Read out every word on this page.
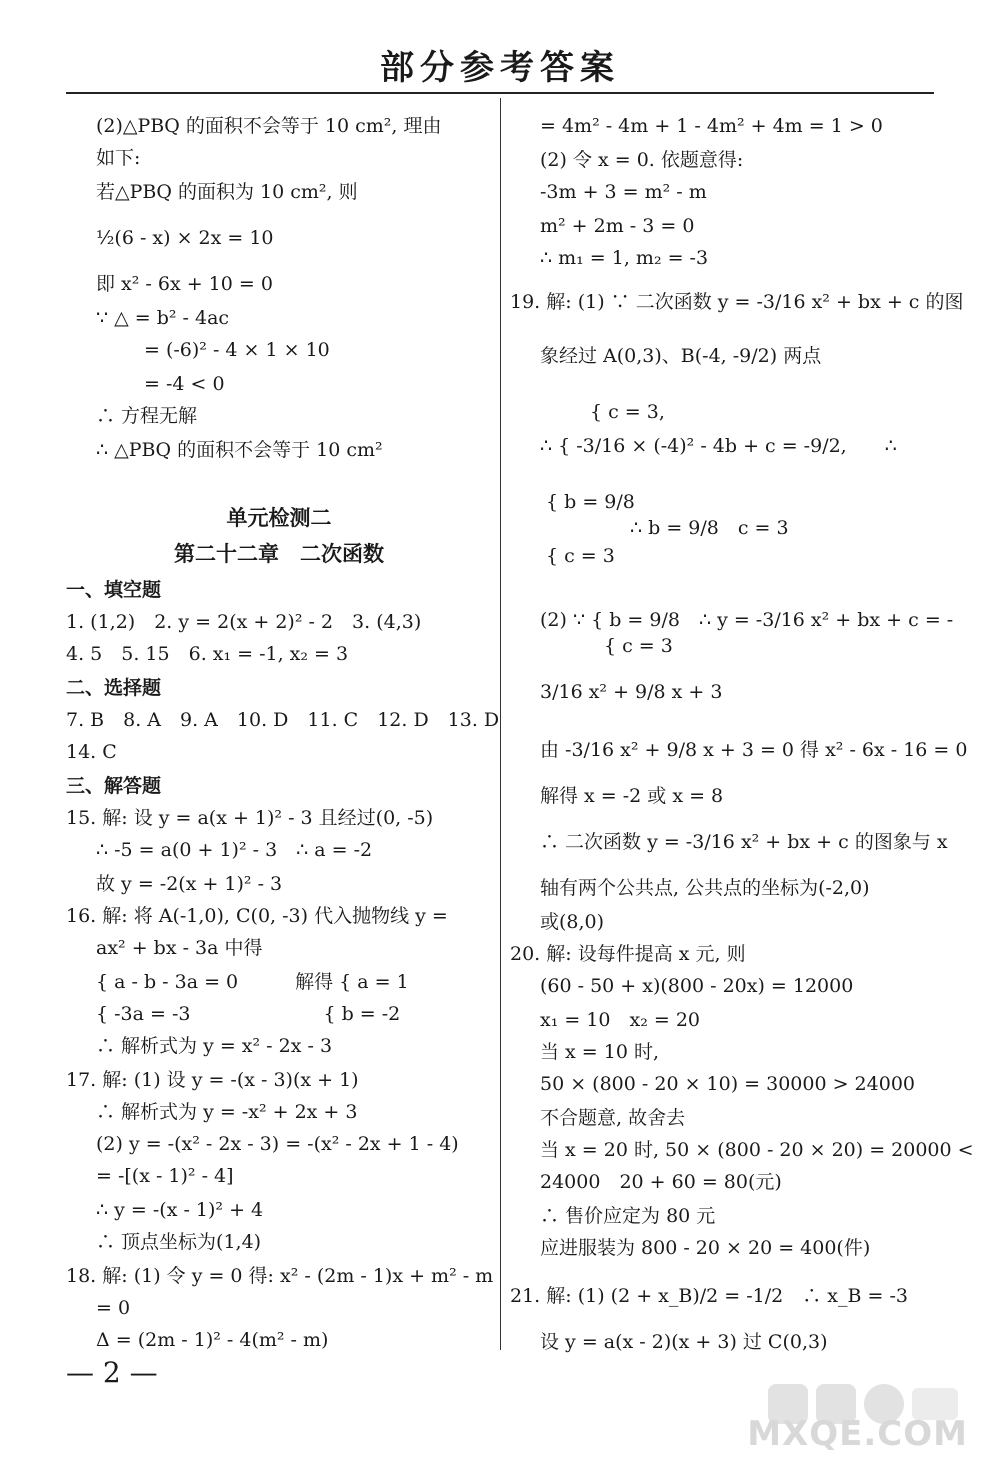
部分参考答案
(2)△PBQ 的面积不会等于 10 cm², 理由
如下:
若△PBQ 的面积为 10 cm², 则
½(6 - x) × 2x = 10
即 x² - 6x + 10 = 0
∵ △ = b² - 4ac
= (-6)² - 4 × 1 × 10
= -4 < 0
∴ 方程无解
∴ △PBQ 的面积不会等于 10 cm²
单元检测二
第二十二章　二次函数
一、填空题
1. (1,2)　2. y = 2(x + 2)² - 2　3. (4,3)
4. 5　5. 15　6. x₁ = -1, x₂ = 3
二、选择题
7. B　8. A　9. A　10. D　11. C　12. D　13. D
14. C
三、解答题
15. 解: 设 y = a(x + 1)² - 3 且经过(0, -5)
∴ -5 = a(0 + 1)² - 3　∴ a = -2
故 y = -2(x + 1)² - 3
16. 解: 将 A(-1,0), C(0, -3) 代入抛物线 y =
ax² + bx - 3a 中得
{ a - b - 3a = 0　　　解得 { a = 1
{ -3a = -3　　　　　　　{ b = -2
∴ 解析式为 y = x² - 2x - 3
17. 解: (1) 设 y = -(x - 3)(x + 1)
∴ 解析式为 y = -x² + 2x + 3
(2) y = -(x² - 2x - 3) = -(x² - 2x + 1 - 4)
= -[(x - 1)² - 4]
∴ y = -(x - 1)² + 4
∴ 顶点坐标为(1,4)
18. 解: (1) 令 y = 0 得: x² - (2m - 1)x + m² - m
= 0
Δ = (2m - 1)² - 4(m² - m)
= 4m² - 4m + 1 - 4m² + 4m = 1 > 0
(2) 令 x = 0. 依题意得:
-3m + 3 = m² - m
m² + 2m - 3 = 0
∴ m₁ = 1, m₂ = -3
19. 解: (1) ∵ 二次函数 y = -3/16 x² + bx + c 的图
象经过 A(0,3)、B(-4, -9/2) 两点
{ c = 3,
∴ { -3/16 × (-4)² - 4b + c = -9/2,　　∴
{ b = 9/8
∴ b = 9/8　c = 3
{ c = 3
(2) ∵ { b = 9/8　∴ y = -3/16 x² + bx + c = -
{ c = 3
3/16 x² + 9/8 x + 3
由 -3/16 x² + 9/8 x + 3 = 0 得 x² - 6x - 16 = 0
解得 x = -2 或 x = 8
∴ 二次函数 y = -3/16 x² + bx + c 的图象与 x
轴有两个公共点, 公共点的坐标为(-2,0)
或(8,0)
20. 解: 设每件提高 x 元, 则
(60 - 50 + x)(800 - 20x) = 12000
x₁ = 10　x₂ = 20
当 x = 10 时,
50 × (800 - 20 × 10) = 30000 > 24000
不合题意, 故舍去
当 x = 20 时, 50 × (800 - 20 × 20) = 20000 <
24000　20 + 60 = 80(元)
∴ 售价应定为 80 元
应进服装为 800 - 20 × 20 = 400(件)
21. 解: (1) (2 + x_B)/2 = -1/2　∴ x_B = -3
设 y = a(x - 2)(x + 3) 过 C(0,3)
— 2 —
MXQE.COM
